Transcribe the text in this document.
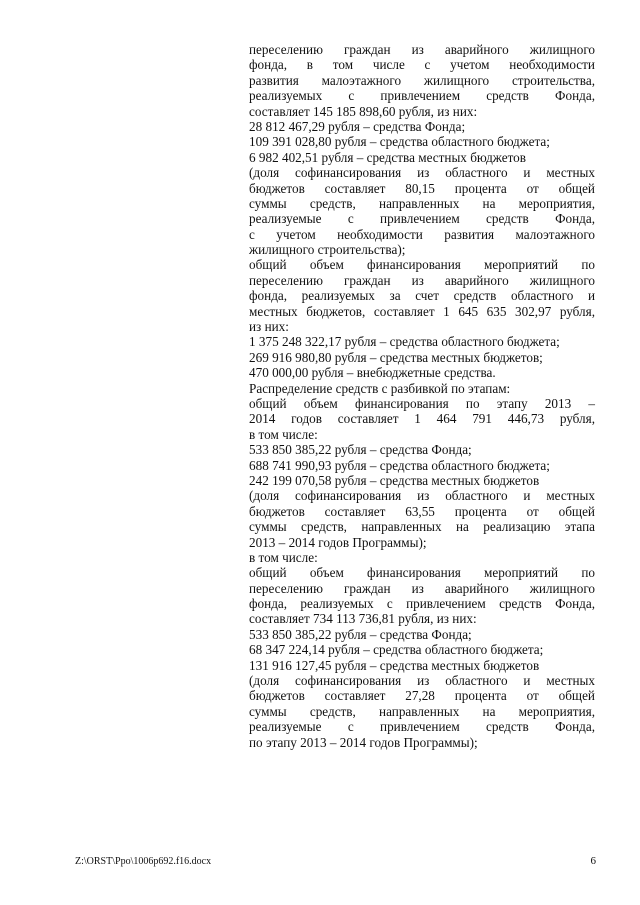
переселению граждан из аварийного жилищного
фонда, в том числе с учетом необходимости
развития малоэтажного жилищного строительства,
реализуемых с привлечением средств Фонда,
составляет 145 185 898,60 рубля, из них:
28 812 467,29 рубля – средства Фонда;
109 391 028,80 рубля – средства областного бюджета;
6 982 402,51 рубля – средства местных бюджетов
(доля софинансирования из областного и местных
бюджетов составляет 80,15 процента от общей
суммы средств, направленных на мероприятия,
реализуемые с привлечением средств Фонда,
с учетом необходимости развития малоэтажного
жилищного строительства);
общий объем финансирования мероприятий по
переселению граждан из аварийного жилищного
фонда, реализуемых за счет средств областного и
местных бюджетов, составляет 1 645 635 302,97 рубля,
из них:
1 375 248 322,17 рубля – средства областного бюджета;
269 916 980,80 рубля – средства местных бюджетов;
470 000,00 рубля – внебюджетные средства.
Распределение средств с разбивкой по этапам:
общий объем финансирования по этапу 2013 –
2014 годов составляет 1 464 791 446,73 рубля,
в том числе:
533 850 385,22 рубля – средства Фонда;
688 741 990,93 рубля – средства областного бюджета;
242 199 070,58 рубля – средства местных бюджетов
(доля софинансирования из областного и местных
бюджетов составляет 63,55 процента от общей
суммы средств, направленных на реализацию этапа
2013 – 2014 годов Программы);
в том числе:
общий объем финансирования мероприятий по
переселению граждан из аварийного жилищного
фонда, реализуемых с привлечением средств Фонда,
составляет 734 113 736,81 рубля, из них:
533 850 385,22 рубля – средства Фонда;
68 347 224,14 рубля – средства областного бюджета;
131 916 127,45 рубля – средства местных бюджетов
(доля софинансирования из областного и местных
бюджетов составляет 27,28 процента от общей
суммы средств, направленных на мероприятия,
реализуемые с привлечением средств Фонда,
по этапу 2013 – 2014 годов Программы);
Z:\ORST\Ppo\1006p692.f16.docx	6
